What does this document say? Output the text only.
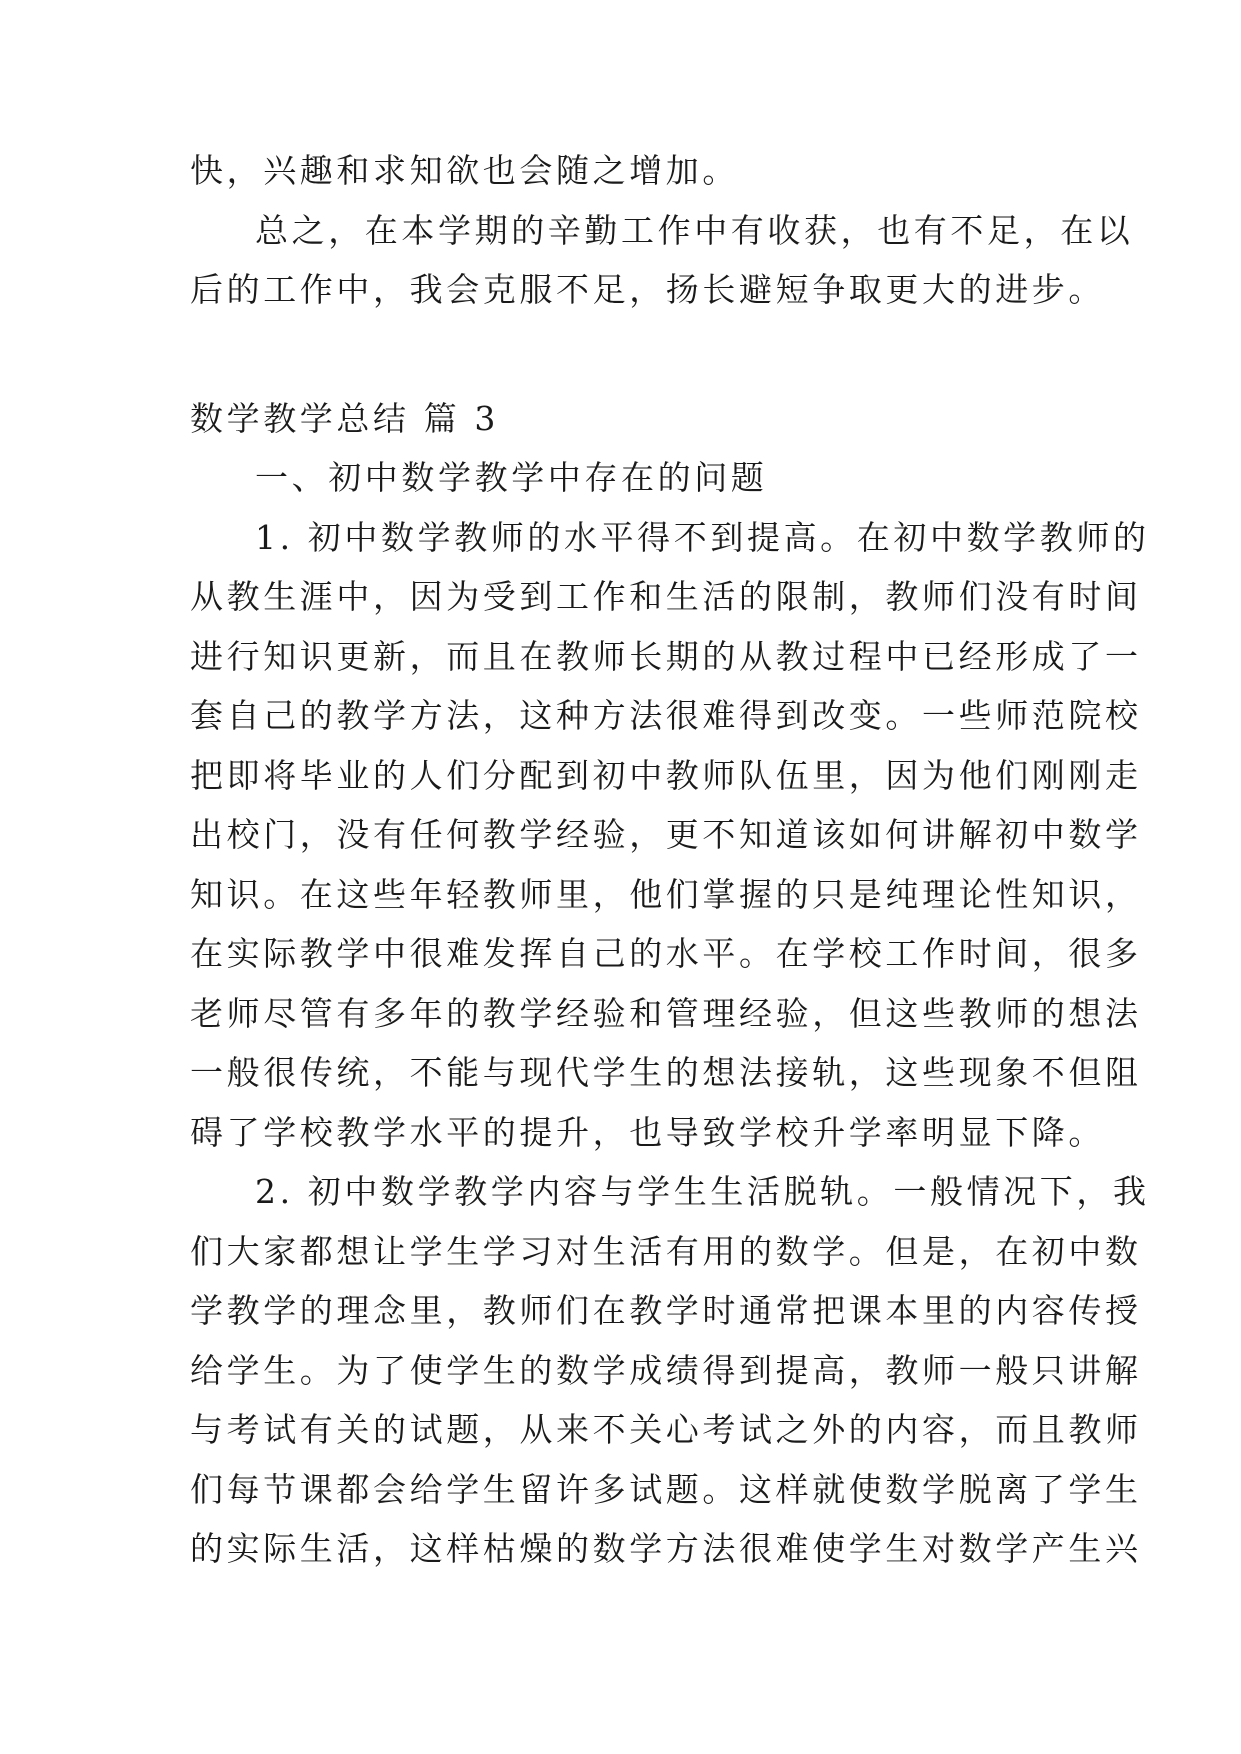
快，兴趣和求知欲也会随之增加。
总之，在本学期的辛勤工作中有收获，也有不足，在以
后的工作中，我会克服不足，扬长避短争取更大的进步。
数学教学总结 篇 3
一、初中数学教学中存在的问题
1. 初中数学教师的水平得不到提高。在初中数学教师的
从教生涯中，因为受到工作和生活的限制，教师们没有时间
进行知识更新，而且在教师长期的从教过程中已经形成了一
套自己的教学方法，这种方法很难得到改变。一些师范院校
把即将毕业的人们分配到初中教师队伍里，因为他们刚刚走
出校门，没有任何教学经验，更不知道该如何讲解初中数学
知识。在这些年轻教师里，他们掌握的只是纯理论性知识，
在实际教学中很难发挥自己的水平。在学校工作时间，很多
老师尽管有多年的教学经验和管理经验，但这些教师的想法
一般很传统，不能与现代学生的想法接轨，这些现象不但阻
碍了学校教学水平的提升，也导致学校升学率明显下降。
2. 初中数学教学内容与学生生活脱轨。一般情况下，我
们大家都想让学生学习对生活有用的数学。但是，在初中数
学教学的理念里，教师们在教学时通常把课本里的内容传授
给学生。为了使学生的数学成绩得到提高，教师一般只讲解
与考试有关的试题，从来不关心考试之外的内容，而且教师
们每节课都会给学生留许多试题。这样就使数学脱离了学生
的实际生活，这样枯燥的数学方法很难使学生对数学产生兴
